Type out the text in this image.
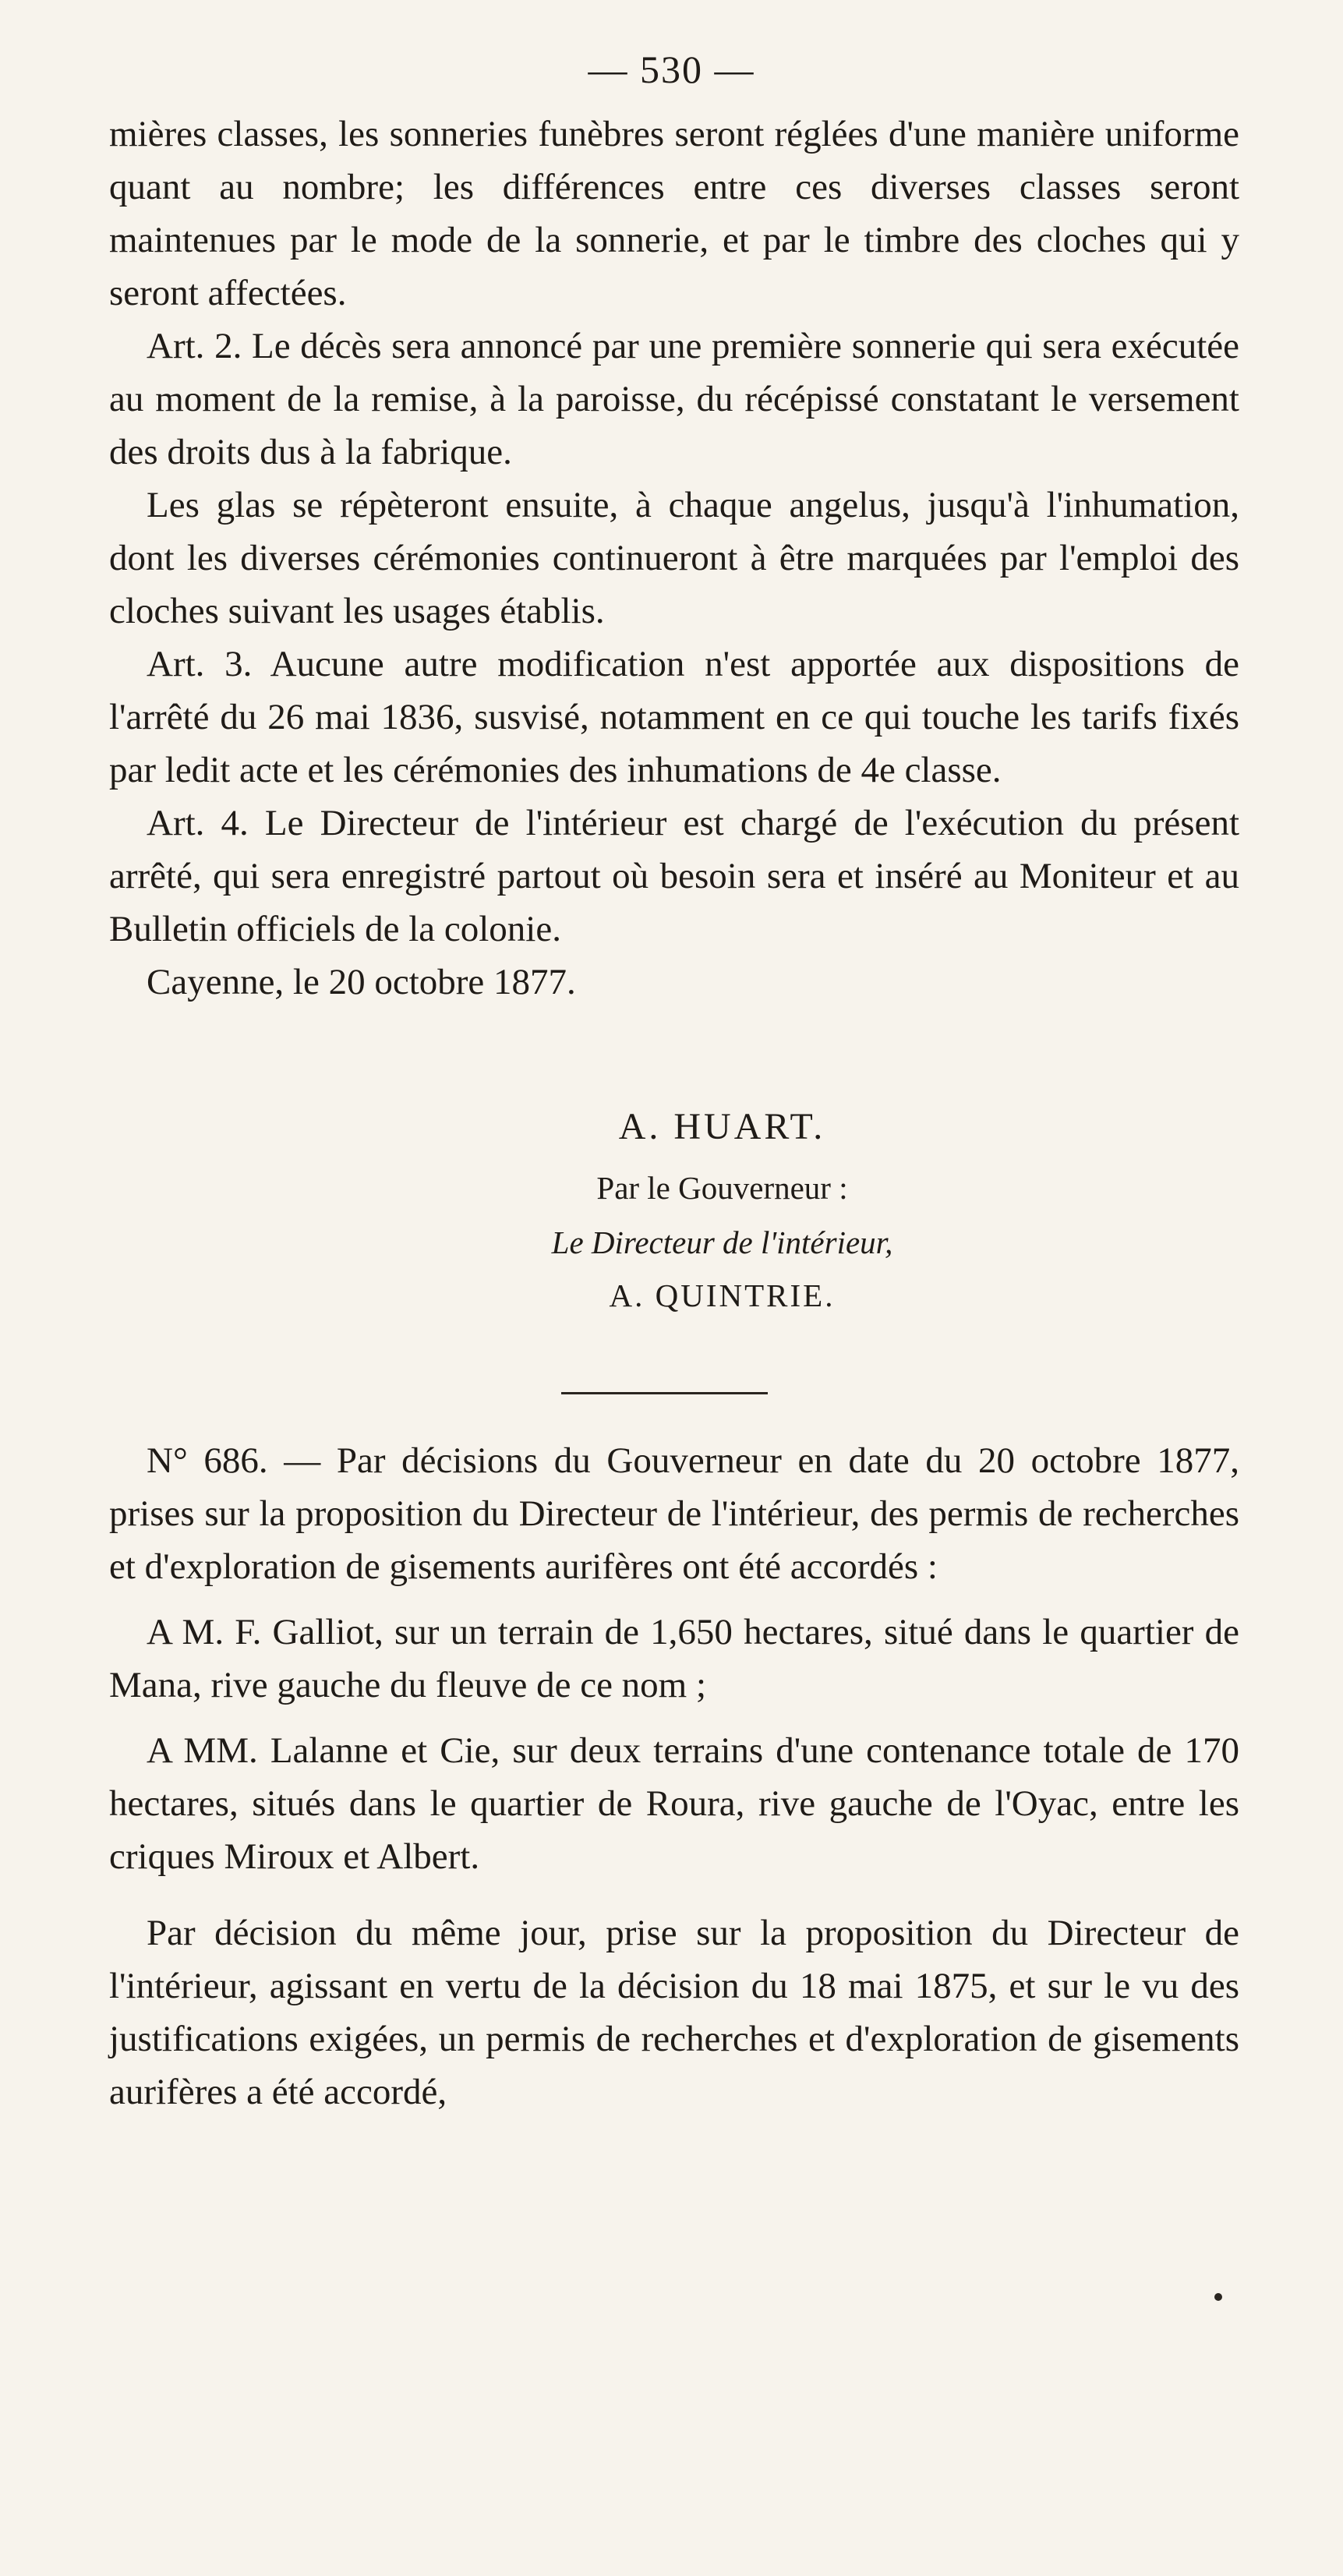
— 530 —

mières classes, les sonneries funèbres seront réglées d'une manière uniforme quant au nombre; les différences entre ces diverses classes seront maintenues par le mode de la sonnerie, et par le timbre des cloches qui y seront affectées.

Art. 2. Le décès sera annoncé par une première sonnerie qui sera exécutée au moment de la remise, à la paroisse, du récépissé constatant le versement des droits dus à la fabrique.

Les glas se répèteront ensuite, à chaque angelus, jusqu'à l'inhumation, dont les diverses cérémonies continueront à être marquées par l'emploi des cloches suivant les usages établis.

Art. 3. Aucune autre modification n'est apportée aux dispositions de l'arrêté du 26 mai 1836, susvisé, notamment en ce qui touche les tarifs fixés par ledit acte et les cérémonies des inhumations de 4e classe.

Art. 4. Le Directeur de l'intérieur est chargé de l'exécution du présent arrêté, qui sera enregistré partout où besoin sera et inséré au Moniteur et au Bulletin officiels de la colonie.

Cayenne, le 20 octobre 1877.

A. HUART.
Par le Gouverneur :
Le Directeur de l'intérieur,
A. QUINTRIE.

N° 686. — Par décisions du Gouverneur en date du 20 octobre 1877, prises sur la proposition du Directeur de l'intérieur, des permis de recherches et d'exploration de gisements aurifères ont été accordés :

A M. F. Galliot, sur un terrain de 1,650 hectares, situé dans le quartier de Mana, rive gauche du fleuve de ce nom ;

A MM. Lalanne et Cie, sur deux terrains d'une contenance totale de 170 hectares, situés dans le quartier de Roura, rive gauche de l'Oyac, entre les criques Miroux et Albert.

Par décision du même jour, prise sur la proposition du Directeur de l'intérieur, agissant en vertu de la décision du 18 mai 1875, et sur le vu des justifications exigées, un permis de recherches et d'exploration de gisements aurifères a été accordé,
